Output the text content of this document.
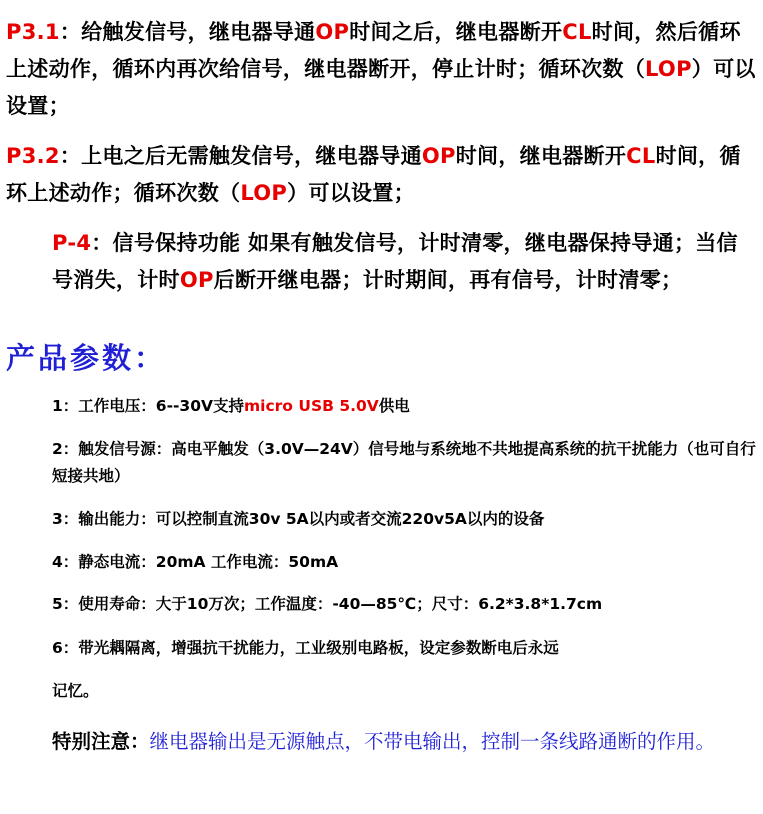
P3.1：给触发信号，继电器导通OP时间之后，继电器断开CL时间，然后循环上述动作，循环内再次给信号，继电器断开，停止计时；循环次数（LOP）可以设置；
P3.2：上电之后无需触发信号，继电器导通OP时间，继电器断开CL时间，循环上述动作；循环次数（LOP）可以设置；
P-4：信号保持功能 如果有触发信号，计时清零，继电器保持导通；当信号消失，计时OP后断开继电器；计时期间，再有信号，计时清零；
产品参数：
1：工作电压：6--30V支持micro USB 5.0V供电
2：触发信号源：高电平触发（3.0V—24V）信号地与系统地不共地提高系统的抗干扰能力（也可自行短接共地）
3：输出能力：可以控制直流30v 5A以内或者交流220v5A以内的设备
4：静态电流：20mA 工作电流：50mA
5：使用寿命：大于10万次；工作温度：-40—85℃；尺寸：6.2*3.8*1.7cm
6：带光耦隔离，增强抗干扰能力，工业级别电路板，设定参数断电后永远
记忆。
特别注意：继电器输出是无源触点，不带电输出，控制一条线路通断的作用。
